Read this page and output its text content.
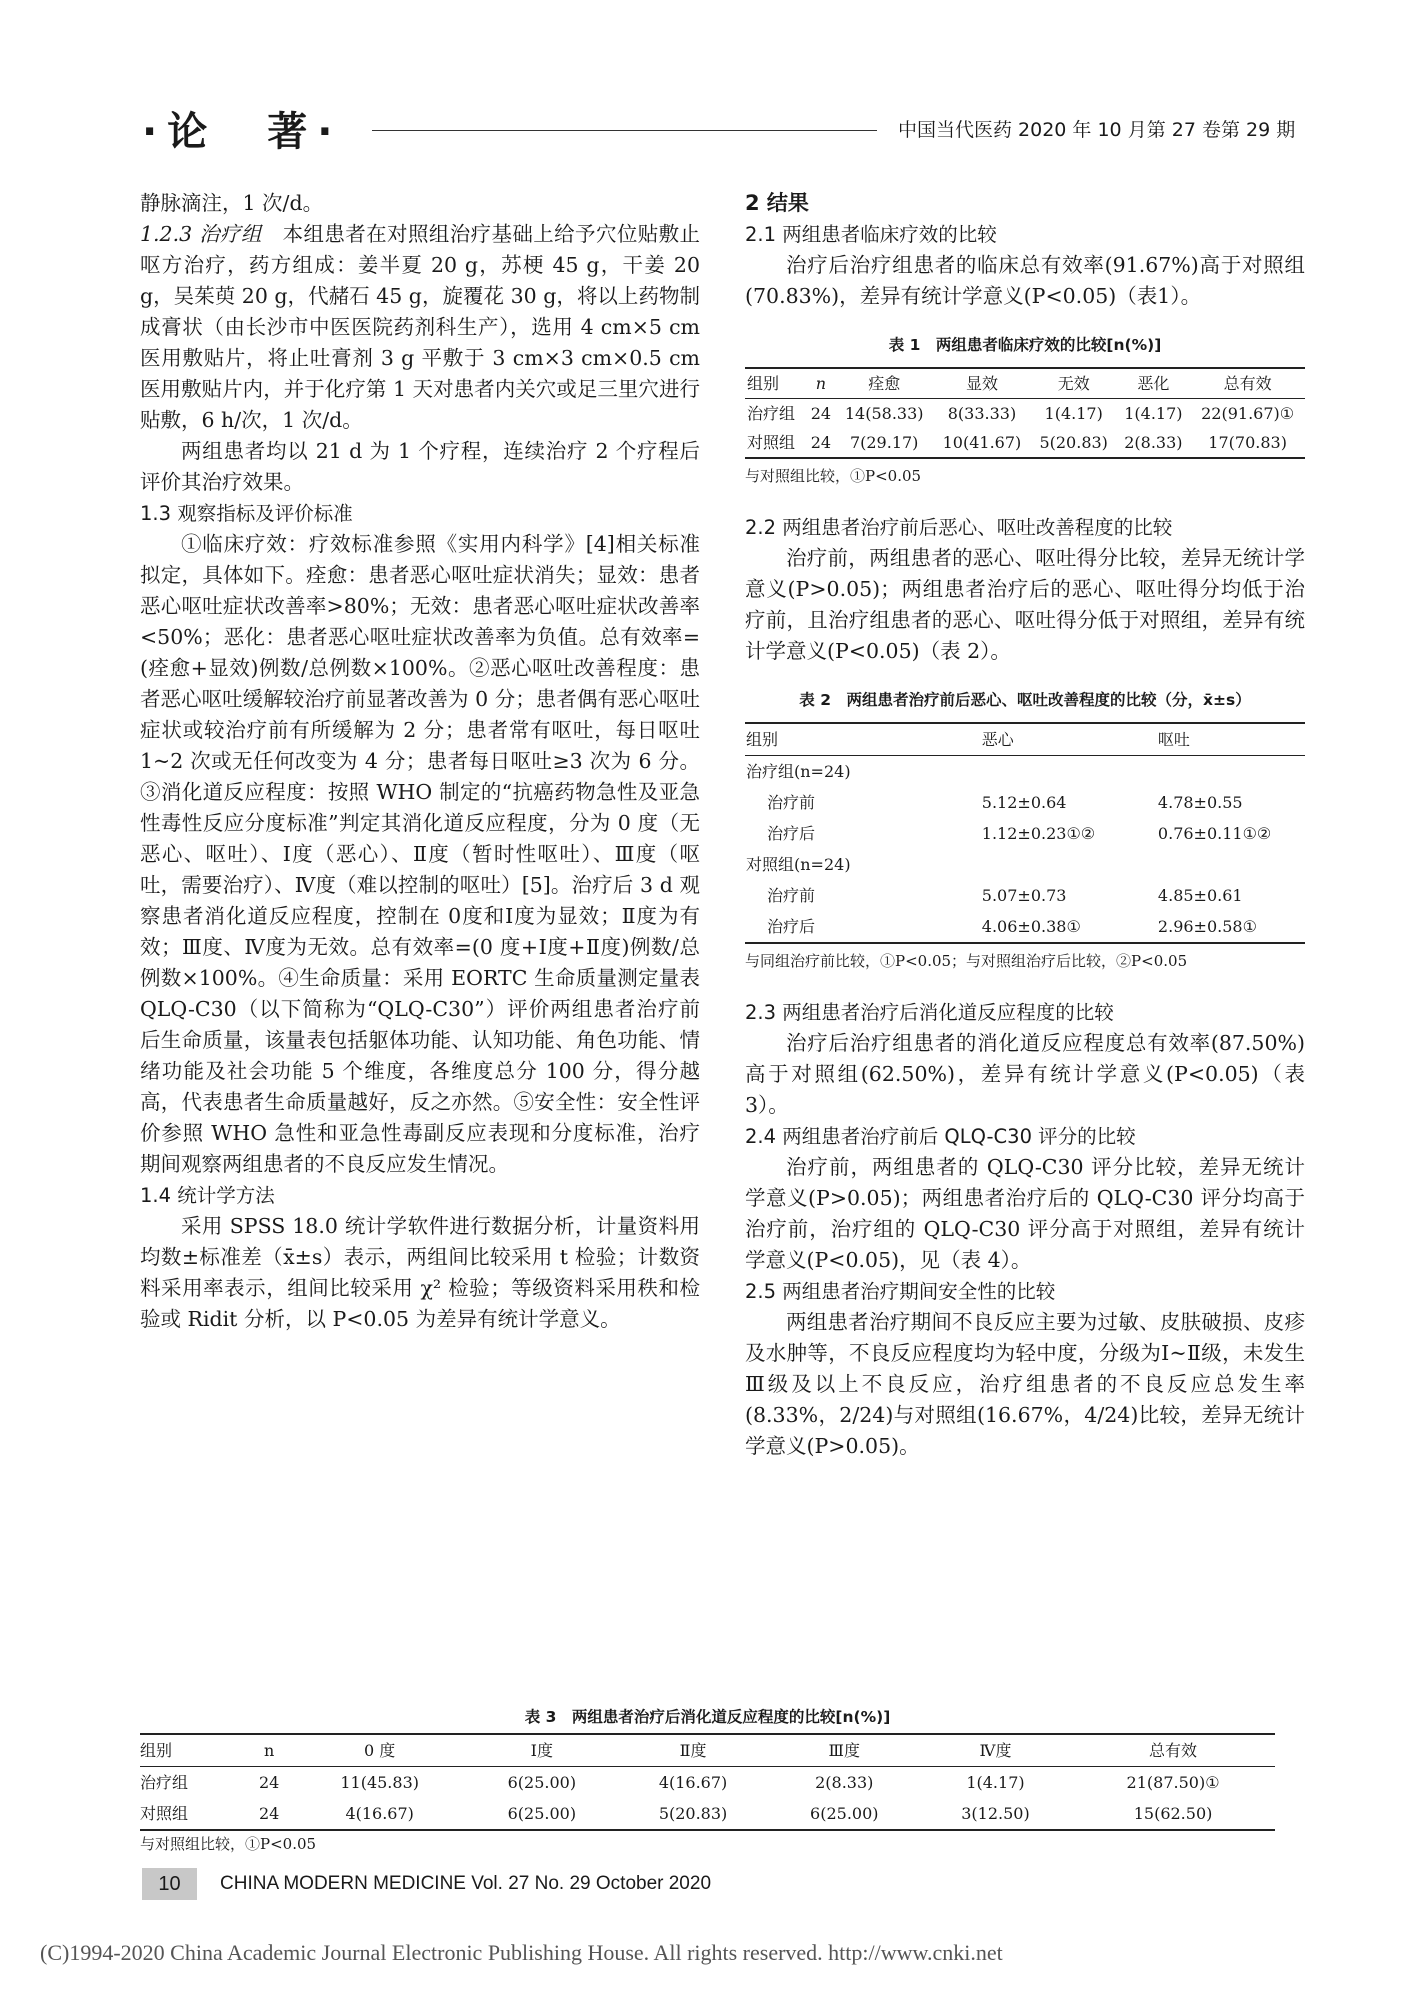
·论　著·	中国当代医药 2020 年 10 月第 27 卷第 29 期

静脉滴注，1 次/d。

1.2.3 治疗组　本组患者在对照组治疗基础上给予穴位贴敷止呕方治疗，药方组成：姜半夏 20 g，苏梗 45 g，干姜 20 g，吴茱萸 20 g，代赭石 45 g，旋覆花 30 g，将以上药物制成膏状（由长沙市中医医院药剂科生产），选用 4 cm×5 cm 医用敷贴片，将止吐膏剂 3 g 平敷于 3 cm×3 cm×0.5 cm 医用敷贴片内，并于化疗第 1 天对患者内关穴或足三里穴进行贴敷，6 h/次，1 次/d。

两组患者均以 21 d 为 1 个疗程，连续治疗 2 个疗程后评价其治疗效果。

1.3 观察指标及评价标准

①临床疗效：疗效标准参照《实用内科学》[4]相关标准拟定，具体如下。痊愈：患者恶心呕吐症状消失；显效：患者恶心呕吐症状改善率>80%；无效：患者恶心呕吐症状改善率<50%；恶化：患者恶心呕吐症状改善率为负值。总有效率=(痊愈+显效)例数/总例数×100%。②恶心呕吐改善程度：患者恶心呕吐缓解较治疗前显著改善为 0 分；患者偶有恶心呕吐症状或较治疗前有所缓解为 2 分；患者常有呕吐，每日呕吐 1~2 次或无任何改变为 4 分；患者每日呕吐≥3 次为 6 分。③消化道反应程度：按照 WHO 制定的“抗癌药物急性及亚急性毒性反应分度标准”判定其消化道反应程度，分为 0 度（无恶心、呕吐）、Ⅰ度（恶心）、Ⅱ度（暂时性呕吐）、Ⅲ度（呕吐，需要治疗）、Ⅳ度（难以控制的呕吐）[5]。治疗后 3 d 观察患者消化道反应程度，控制在 0度和Ⅰ度为显效；Ⅱ度为有效；Ⅲ度、Ⅳ度为无效。总有效率=(0 度+Ⅰ度+Ⅱ度)例数/总例数×100%。④生命质量：采用 EORTC 生命质量测定量表 QLQ-C30（以下简称为“QLQ-C30”）评价两组患者治疗前后生命质量，该量表包括躯体功能、认知功能、角色功能、情绪功能及社会功能 5 个维度，各维度总分 100 分，得分越高，代表患者生命质量越好，反之亦然。⑤安全性：安全性评价参照 WHO 急性和亚急性毒副反应表现和分度标准，治疗期间观察两组患者的不良反应发生情况。

1.4 统计学方法

采用 SPSS 18.0 统计学软件进行数据分析，计量资料用均数±标准差（x̄±s）表示，两组间比较采用 t 检验；计数资料采用率表示，组间比较采用 χ² 检验；等级资料采用秩和检验或 Ridit 分析，以 P<0.05 为差异有统计学意义。

2 结果

2.1 两组患者临床疗效的比较

治疗后治疗组患者的临床总有效率(91.67%)高于对照组(70.83%)，差异有统计学意义(P<0.05)（表1）。

表 1　两组患者临床疗效的比较[n(%)]
组别	n	痊愈	显效	无效	恶化	总有效
治疗组	24	14(58.33)	8(33.33)	1(4.17)	1(4.17)	22(91.67)①
对照组	24	7(29.17)	10(41.67)	5(20.83)	2(8.33)	17(70.83)
与对照组比较，①P<0.05

2.2 两组患者治疗前后恶心、呕吐改善程度的比较

治疗前，两组患者的恶心、呕吐得分比较，差异无统计学意义(P>0.05)；两组患者治疗后的恶心、呕吐得分均低于治疗前，且治疗组患者的恶心、呕吐得分低于对照组，差异有统计学意义(P<0.05)（表 2）。

表 2　两组患者治疗前后恶心、呕吐改善程度的比较（分，x̄±s）
组别	恶心	呕吐
治疗组(n=24)		
治疗前	5.12±0.64	4.78±0.55
治疗后	1.12±0.23①②	0.76±0.11①②
对照组(n=24)		
治疗前	5.07±0.73	4.85±0.61
治疗后	4.06±0.38①	2.96±0.58①
与同组治疗前比较，①P<0.05；与对照组治疗后比较，②P<0.05

2.3 两组患者治疗后消化道反应程度的比较

治疗后治疗组患者的消化道反应程度总有效率(87.50%)高于对照组(62.50%)，差异有统计学意义(P<0.05)（表 3）。

2.4 两组患者治疗前后 QLQ-C30 评分的比较

治疗前，两组患者的 QLQ-C30 评分比较，差异无统计学意义(P>0.05)；两组患者治疗后的 QLQ-C30 评分均高于治疗前，治疗组的 QLQ-C30 评分高于对照组，差异有统计学意义(P<0.05)，见（表 4）。

2.5 两组患者治疗期间安全性的比较

两组患者治疗期间不良反应主要为过敏、皮肤破损、皮疹及水肿等，不良反应程度均为轻中度，分级为Ⅰ~Ⅱ级，未发生Ⅲ级及以上不良反应，治疗组患者的不良反应总发生率(8.33%，2/24)与对照组(16.67%，4/24)比较，差异无统计学意义(P>0.05)。

表 3　两组患者治疗后消化道反应程度的比较[n(%)]
组别	n	0 度	Ⅰ度	Ⅱ度	Ⅲ度	Ⅳ度	总有效
治疗组	24	11(45.83)	6(25.00)	4(16.67)	2(8.33)	1(4.17)	21(87.50)①
对照组	24	4(16.67)	6(25.00)	5(20.83)	6(25.00)	3(12.50)	15(62.50)
与对照组比较，①P<0.05
10	CHINA MODERN MEDICINE Vol. 27 No. 29 October 2020
(C)1994-2020 China Academic Journal Electronic Publishing House. All rights reserved. http://www.cnki.net
